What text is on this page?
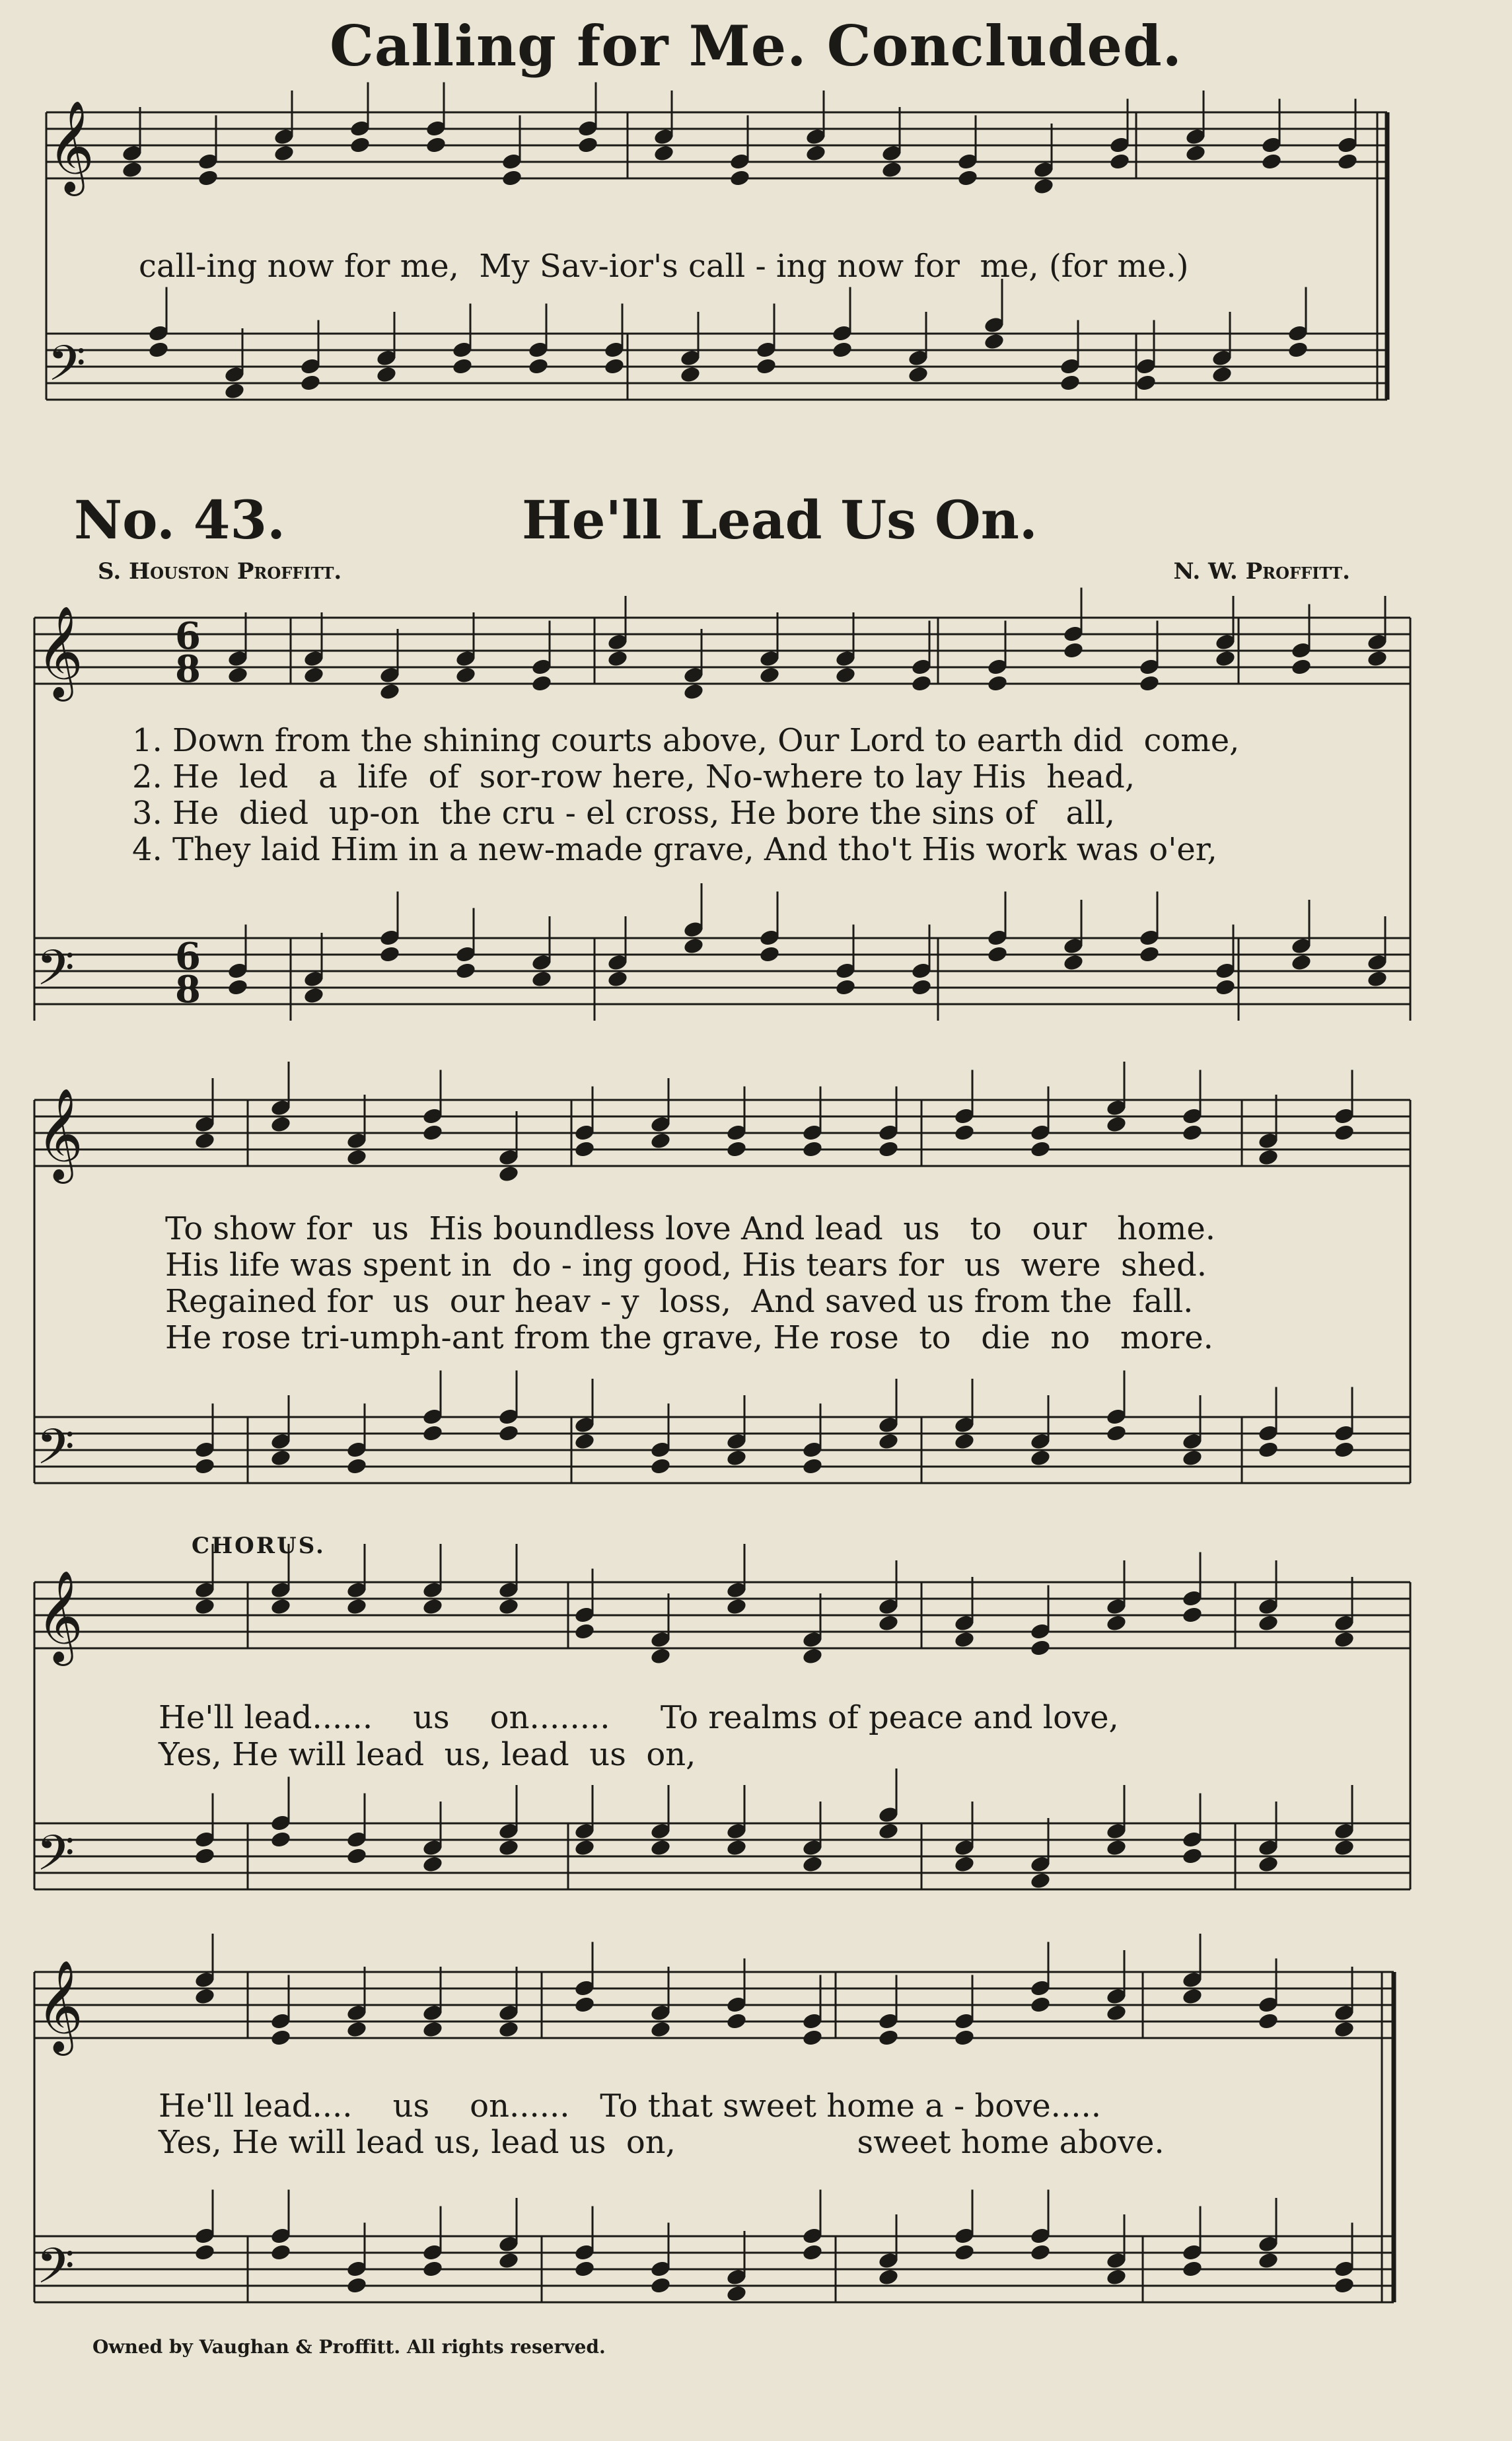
Calling for Me. Concluded.
𝄞
𝄢
𝄞
𝄢
𝄞
𝄢
𝄞
𝄢
𝄞
𝄢
6
8
6
8
No. 43.	He'll Lead Us On.
S. Houston Proffitt.	N. W. Proffitt.
call-ing now for me,  My Sav-ior's call - ing now for  me, (for me.)
1. Down from the shining courts above, Our Lord to earth did  come,
2. He  led   a  life  of  sor-row here, No-where to lay His  head,
3. He  died  up-on  the cru - el cross, He bore the sins of   all,
4. They laid Him in a new-made grave, And tho't His work was o'er,
To show for  us  His boundless love And lead  us   to   our   home.
His life was spent in  do - ing good, His tears for  us  were  shed.
Regained for  us  our heav - y  loss,  And saved us from the  fall.
He rose tri-umph-ant from the grave, He rose  to   die  no   more.
CHORUS.
He'll lead......    us    on........     To realms of peace and love,
Yes, He will lead  us, lead  us  on,
He'll lead....    us    on......   To that sweet home a - bove.....
Yes, He will lead us, lead us  on,                  sweet home above.
Owned by Vaughan & Proffitt. All rights reserved.
